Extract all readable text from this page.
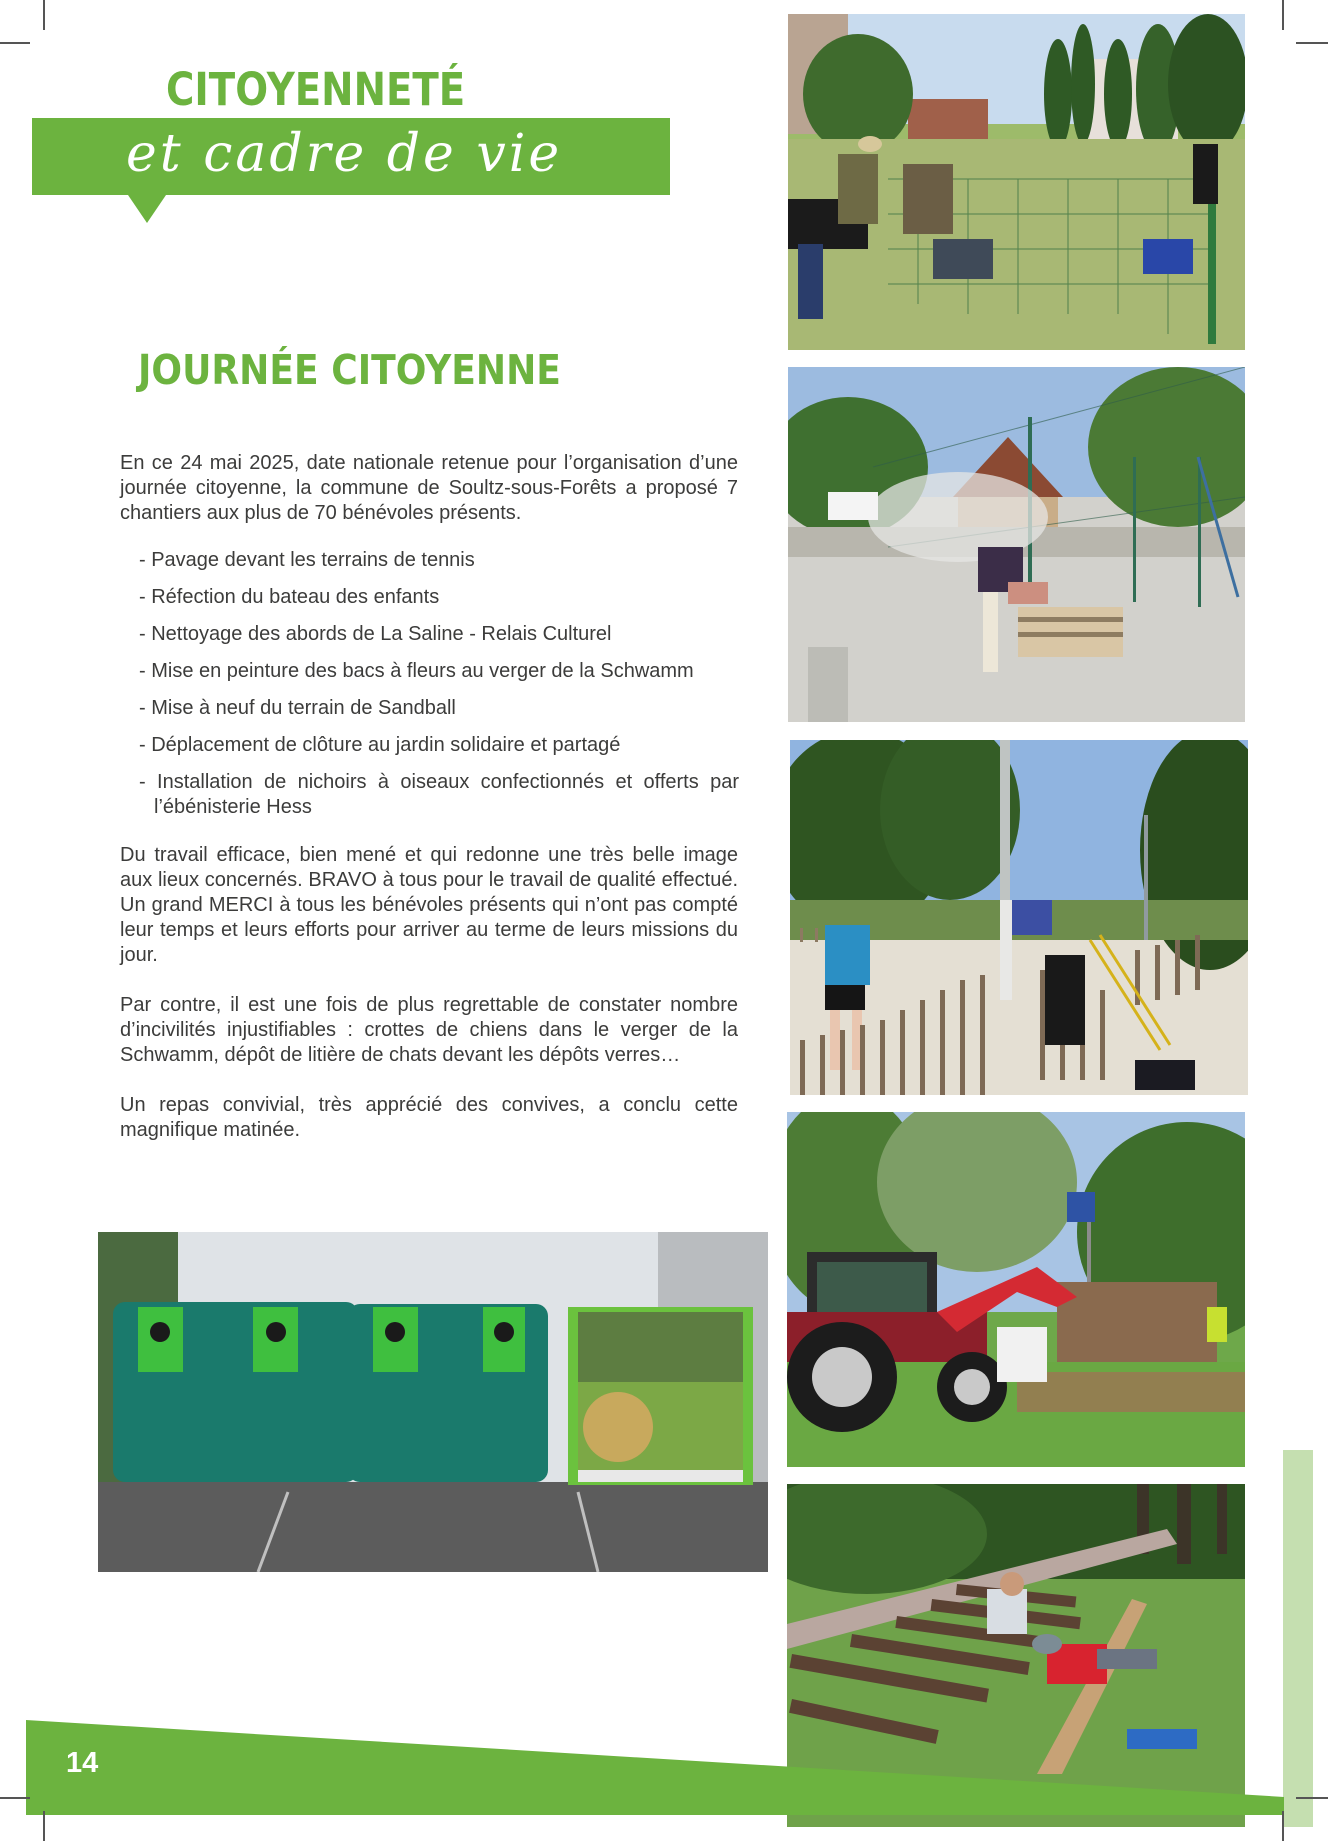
CITOYENNETÉ
et cadre de vie
JOURNÉE CITOYENNE

En ce 24 mai 2025, date nationale retenue pour l’organisation d’une journée citoyenne, la commune de Soultz-sous-Forêts a proposé 7 chantiers aux plus de 70 bénévoles présents.

- Pavage devant les terrains de tennis
- Réfection du bateau des enfants
- Nettoyage des abords de La Saline - Relais Culturel
- Mise en peinture des bacs à fleurs au verger de la Schwamm
- Mise à neuf du terrain de Sandball
- Déplacement de clôture au jardin solidaire et partagé
- Installation de nichoirs à oiseaux confectionnés et offerts par l’ébénisterie Hess

Du travail efficace, bien mené et qui redonne une très belle image aux lieux concernés. BRAVO à tous pour le travail de qualité effectué. Un grand MERCI à tous les bénévoles présents qui n’ont pas compté leur temps et leurs efforts pour arriver au terme de leurs missions du jour.

Par contre, il est une fois de plus regrettable de constater nombre d’incivilités injustifiables : crottes de chiens dans le verger de la Schwamm, dépôt de litière de chats devant les dépôts verres…

Un repas convivial, très apprécié des convives, a conclu cette magnifique matinée.

14
